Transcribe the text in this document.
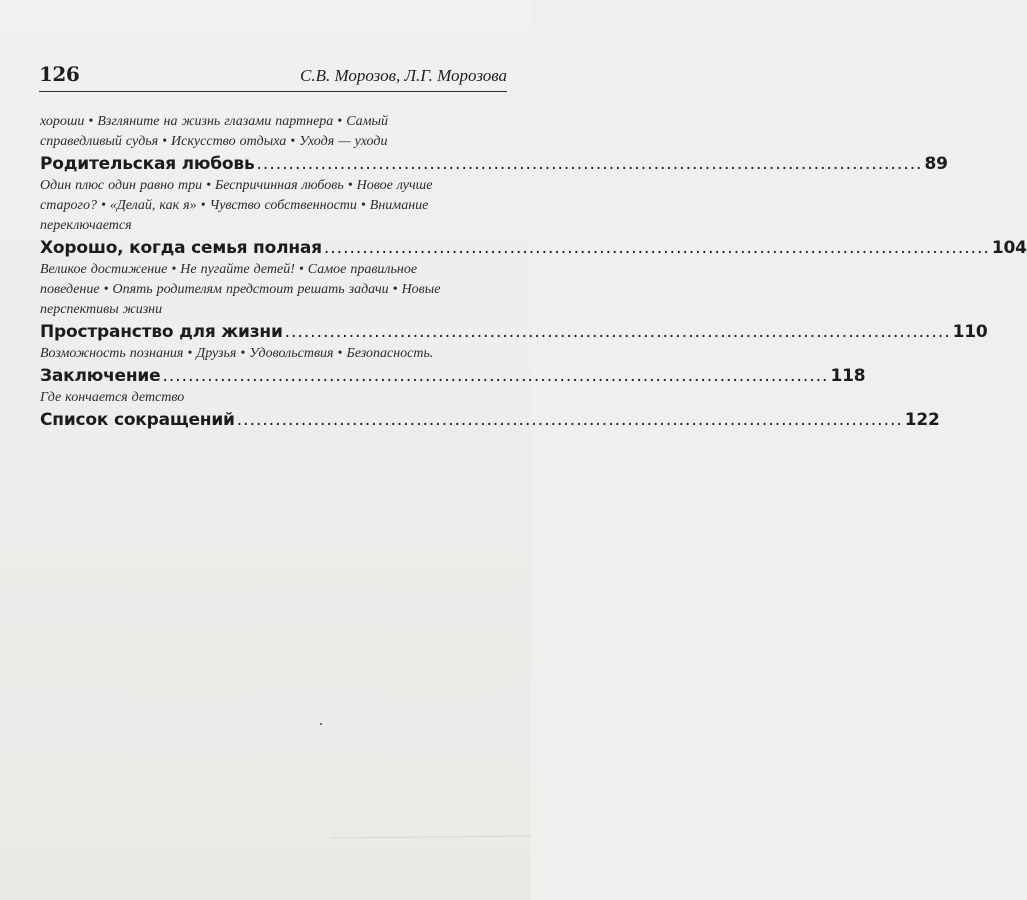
126	С.В. Морозов, Л.Г. Морозова
хороши • Взгляните на жизнь глазами партнера • Самый
справедливый судья • Искусство отдыха • Уходя — уходи
Родительская любовь ........................................................................................................ 89
Один плюс один равно три • Беспричинная любовь • Новое лучше
старого? • «Делай, как я» • Чувство собственности • Внимание
переключается
Хорошо, когда семья полная ........................................................................................................ 104
Великое достижение • Не пугайте детей! • Самое правильное
поведение • Опять родителям предстоит решать задачи • Новые
перспективы жизни
Пространство для жизни ........................................................................................................ 110
Возможность познания • Друзья • Удовольствия • Безопасность.
Заключение ........................................................................................................ 118
Где кончается детство
Список сокращений ........................................................................................................ 122
